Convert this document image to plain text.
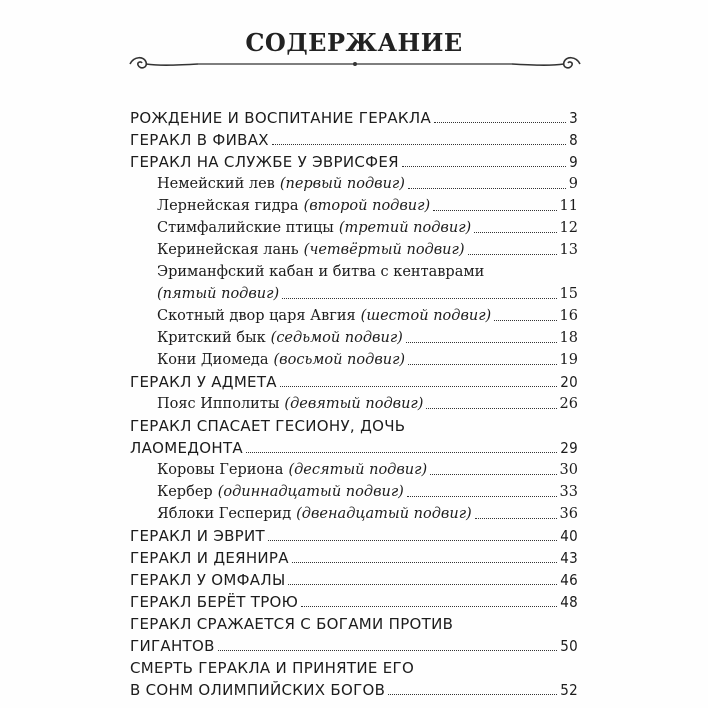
СОДЕРЖАНИЕ
РОЖДЕНИЕ И ВОСПИТАНИЕ ГЕРАКЛА	3
ГЕРАКЛ В ФИВАХ	8
ГЕРАКЛ НА СЛУЖБЕ У ЭВРИСФЕЯ	9
Немейский лев (первый подвиг)	9
Лернейская гидра (второй подвиг)	11
Стимфалийские птицы (третий подвиг)	12
Керинейская лань (четвёртый подвиг)	13
Эриманфский кабан и битва с кентаврами
(пятый подвиг)	15
Скотный двор царя Авгия (шестой подвиг)	16
Критский бык (седьмой подвиг)	18
Кони Диомеда (восьмой подвиг)	19
ГЕРАКЛ У АДМЕТА	20
Пояс Ипполиты (девятый подвиг)	26
ГЕРАКЛ СПАСАЕТ ГЕСИОНУ, ДОЧЬ
ЛАОМЕДОНТА	29
Коровы Гериона (десятый подвиг)	30
Кербер (одиннадцатый подвиг)	33
Яблоки Гесперид (двенадцатый подвиг)	36
ГЕРАКЛ И ЭВРИТ	40
ГЕРАКЛ И ДЕЯНИРА	43
ГЕРАКЛ У ОМФАЛЫ	46
ГЕРАКЛ БЕРЁТ ТРОЮ	48
ГЕРАКЛ СРАЖАЕТСЯ С БОГАМИ ПРОТИВ
ГИГАНТОВ	50
СМЕРТЬ ГЕРАКЛА И ПРИНЯТИЕ ЕГО
В СОНМ ОЛИМПИЙСКИХ БОГОВ	52
